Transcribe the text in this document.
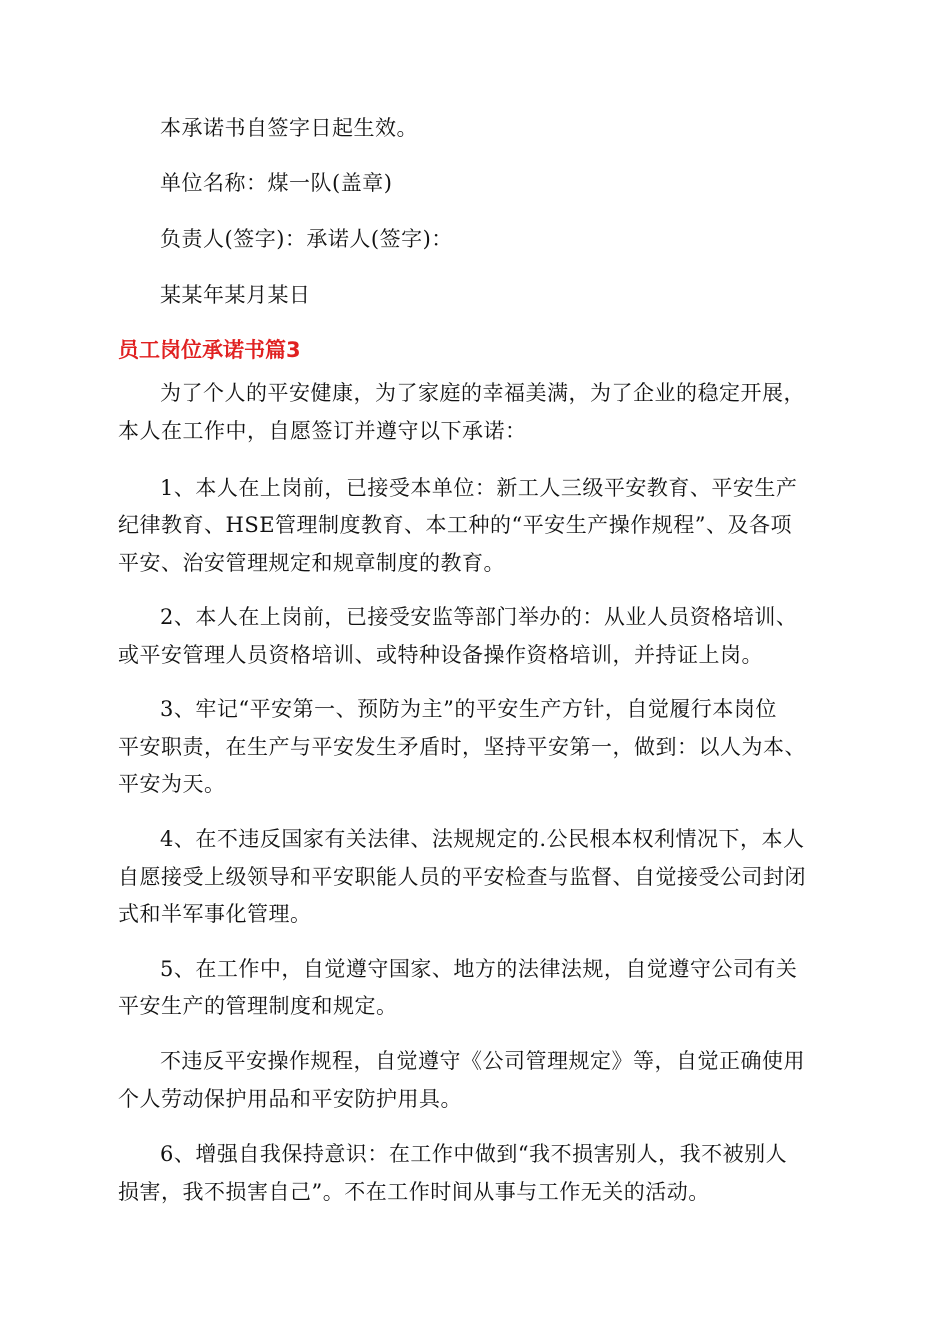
本承诺书自签字日起生效。
单位名称：煤一队(盖章)
负责人(签字)：承诺人(签字)：
某某年某月某日
员工岗位承诺书篇3
为了个人的平安健康，为了家庭的幸福美满，为了企业的稳定开展，
本人在工作中，自愿签订并遵守以下承诺：
1、本人在上岗前，已接受本单位：新工人三级平安教育、平安生产
纪律教育、HSE管理制度教育、本工种的“平安生产操作规程”、及各项
平安、治安管理规定和规章制度的教育。
2、本人在上岗前，已接受安监等部门举办的：从业人员资格培训、
或平安管理人员资格培训、或特种设备操作资格培训，并持证上岗。
3、牢记“平安第一、预防为主”的平安生产方针，自觉履行本岗位
平安职责，在生产与平安发生矛盾时，坚持平安第一，做到：以人为本、
平安为天。
4、在不违反国家有关法律、法规规定的.公民根本权利情况下，本人
自愿接受上级领导和平安职能人员的平安检查与监督、自觉接受公司封闭
式和半军事化管理。
5、在工作中，自觉遵守国家、地方的法律法规，自觉遵守公司有关
平安生产的管理制度和规定。
不违反平安操作规程，自觉遵守《公司管理规定》等，自觉正确使用
个人劳动保护用品和平安防护用具。
6、增强自我保持意识：在工作中做到“我不损害别人，我不被别人
损害，我不损害自己”。不在工作时间从事与工作无关的活动。
